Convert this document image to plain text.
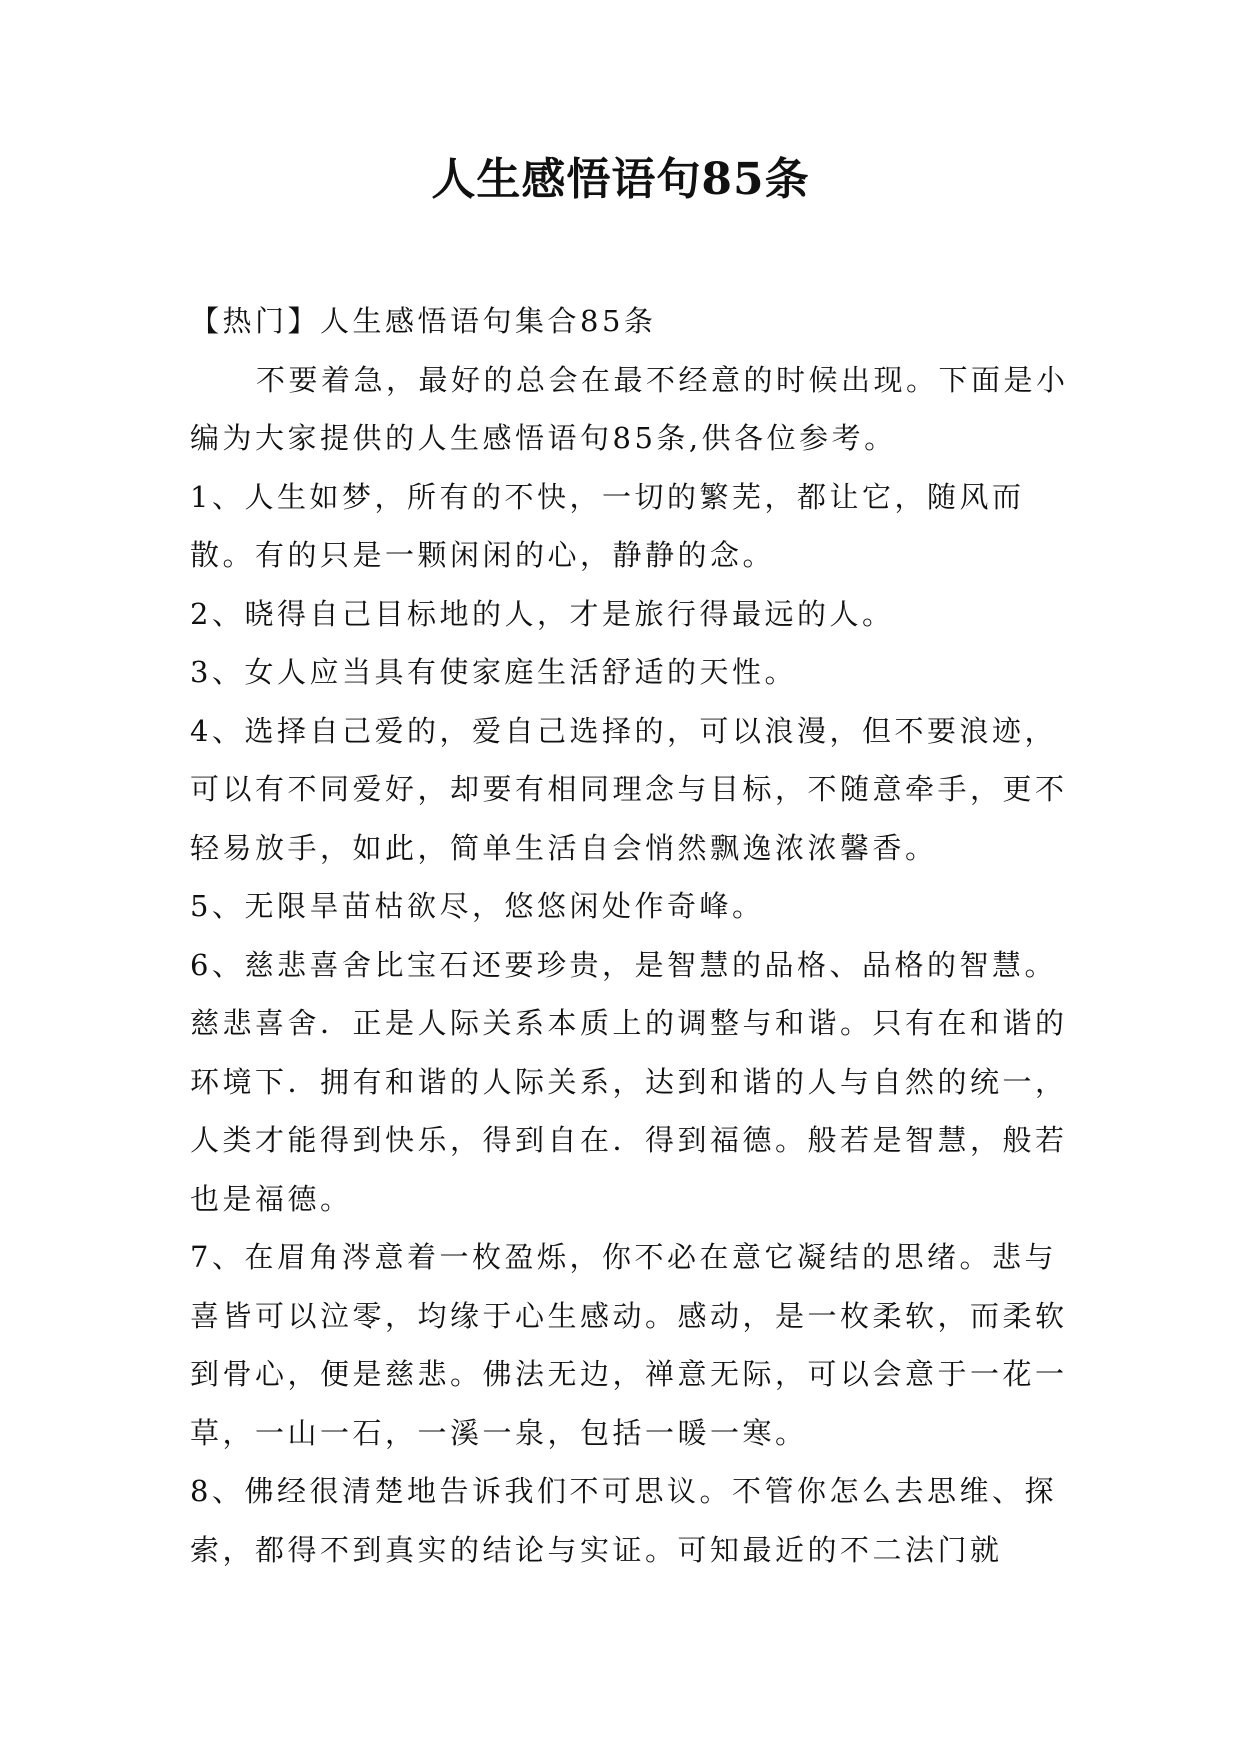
人生感悟语句85条

【热门】人生感悟语句集合85条

不要着急，最好的总会在最不经意的时候出现。下面是小编为大家提供的人生感悟语句85条,供各位参考。

1、人生如梦，所有的不快，一切的繁芜，都让它，随风而散。有的只是一颗闲闲的心，静静的念。

2、晓得自己目标地的人，才是旅行得最远的人。

3、女人应当具有使家庭生活舒适的天性。

4、选择自己爱的，爱自己选择的，可以浪漫，但不要浪迹，可以有不同爱好，却要有相同理念与目标，不随意牵手，更不轻易放手，如此，简单生活自会悄然飘逸浓浓馨香。

5、无限旱苗枯欲尽，悠悠闲处作奇峰。

6、慈悲喜舍比宝石还要珍贵，是智慧的品格、品格的智慧。慈悲喜舍．正是人际关系本质上的调整与和谐。只有在和谐的环境下．拥有和谐的人际关系，达到和谐的人与自然的统一，人类才能得到快乐，得到自在．得到福德。般若是智慧，般若也是福德。

7、在眉角涔意着一枚盈烁，你不必在意它凝结的思绪。悲与喜皆可以泣零，均缘于心生感动。感动，是一枚柔软，而柔软到骨心，便是慈悲。佛法无边，禅意无际，可以会意于一花一草，一山一石，一溪一泉，包括一暖一寒。

8、佛经很清楚地告诉我们不可思议。不管你怎么去思维、探索，都得不到真实的结论与实证。可知最近的不二法门就
